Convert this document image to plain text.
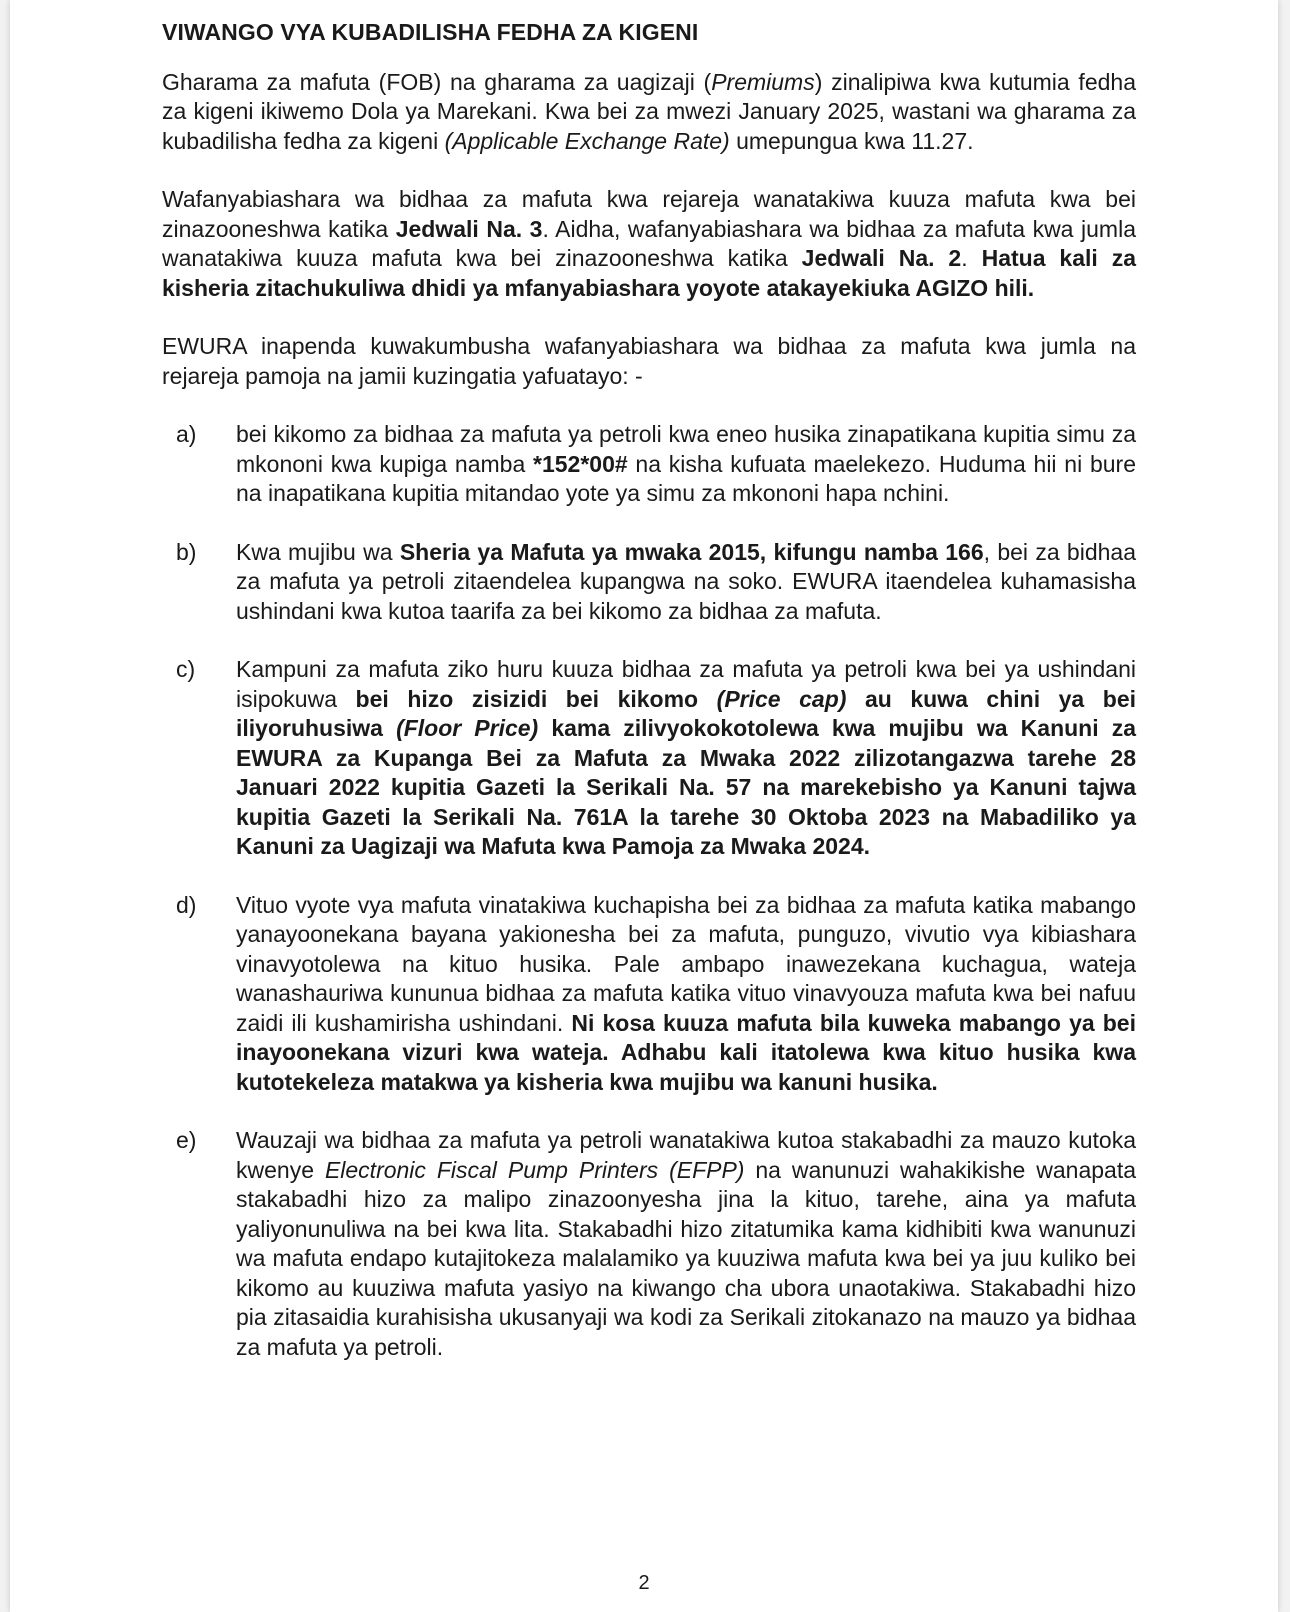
VIWANGO VYA KUBADILISHA FEDHA ZA KIGENI

Gharama za mafuta (FOB) na gharama za uagizaji (Premiums) zinalipiwa kwa kutumia fedha za kigeni ikiwemo Dola ya Marekani. Kwa bei za mwezi January 2025, wastani wa gharama za kubadilisha fedha za kigeni (Applicable Exchange Rate) umepungua kwa 11.27.

Wafanyabiashara wa bidhaa za mafuta kwa rejareja wanatakiwa kuuza mafuta kwa bei zinazooneshwa katika Jedwali Na. 3. Aidha, wafanyabiashara wa bidhaa za mafuta kwa jumla wanatakiwa kuuza mafuta kwa bei zinazooneshwa katika Jedwali Na. 2. Hatua kali za kisheria zitachukuliwa dhidi ya mfanyabiashara yoyote atakayekiuka AGIZO hili.

EWURA inapenda kuwakumbusha wafanyabiashara wa bidhaa za mafuta kwa jumla na rejareja pamoja na jamii kuzingatia yafuatayo: -

a)	bei kikomo za bidhaa za mafuta ya petroli kwa eneo husika zinapatikana kupitia simu za mkononi kwa kupiga namba *152*00# na kisha kufuata maelekezo. Huduma hii ni bure na inapatikana kupitia mitandao yote ya simu za mkononi hapa nchini.
b)	Kwa mujibu wa Sheria ya Mafuta ya mwaka 2015, kifungu namba 166, bei za bidhaa za mafuta ya petroli zitaendelea kupangwa na soko. EWURA itaendelea kuhamasisha ushindani kwa kutoa taarifa za bei kikomo za bidhaa za mafuta.
c)	Kampuni za mafuta ziko huru kuuza bidhaa za mafuta ya petroli kwa bei ya ushindani isipokuwa bei hizo zisizidi bei kikomo (Price cap) au kuwa chini ya bei iliyoruhusiwa (Floor Price) kama zilivyokokotolewa kwa mujibu wa Kanuni za EWURA za Kupanga Bei za Mafuta za Mwaka 2022 zilizotangazwa tarehe 28 Januari 2022 kupitia Gazeti la Serikali Na. 57 na marekebisho ya Kanuni tajwa kupitia Gazeti la Serikali Na. 761A la tarehe 30 Oktoba 2023 na Mabadiliko ya Kanuni za Uagizaji wa Mafuta kwa Pamoja za Mwaka 2024.
d)	Vituo vyote vya mafuta vinatakiwa kuchapisha bei za bidhaa za mafuta katika mabango yanayoonekana bayana yakionesha bei za mafuta, punguzo, vivutio vya kibiashara vinavyotolewa na kituo husika. Pale ambapo inawezekana kuchagua, wateja wanashauriwa kununua bidhaa za mafuta katika vituo vinavyouza mafuta kwa bei nafuu zaidi ili kushamirisha ushindani. Ni kosa kuuza mafuta bila kuweka mabango ya bei inayoonekana vizuri kwa wateja. Adhabu kali itatolewa kwa kituo husika kwa kutotekeleza matakwa ya kisheria kwa mujibu wa kanuni husika.
e)	Wauzaji wa bidhaa za mafuta ya petroli wanatakiwa kutoa stakabadhi za mauzo kutoka kwenye Electronic Fiscal Pump Printers (EFPP) na wanunuzi wahakikishe wanapata stakabadhi hizo za malipo zinazoonyesha jina la kituo, tarehe, aina ya mafuta yaliyonunuliwa na bei kwa lita. Stakabadhi hizo zitatumika kama kidhibiti kwa wanunuzi wa mafuta endapo kutajitokeza malalamiko ya kuuziwa mafuta kwa bei ya juu kuliko bei kikomo au kuuziwa mafuta yasiyo na kiwango cha ubora unaotakiwa. Stakabadhi hizo pia zitasaidia kurahisisha ukusanyaji wa kodi za Serikali zitokanazo na mauzo ya bidhaa za mafuta ya petroli.
2
